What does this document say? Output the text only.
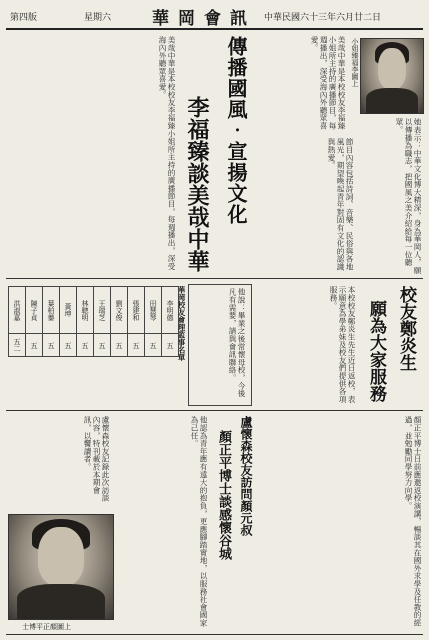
第四版	星期六 華岡會訊 中華民國六十三年六月廿二日
小姐臻福李圖上
美哉中華是本校校友李福臻小姐所主持的廣播節目，每週播出，深受海內外聽眾喜愛。
她表示：中華文化博大精深，身為華岡人，願以傳播為職志，把國風之美介紹給每一位聽眾。
傳播國風‧宣揚文化
李福臻談美哉中華	節目內容包括詩詞、音樂、民俗與各地風光，期望喚起青年對固有文化的認識與熱愛。
美哉中華是本校校友李福臻小姐所主持的廣播節目，每週播出，深受海內外聽眾喜愛。
校友鄭炎生
願為大家服務
本校校友鄭炎生先生近日返校，表示願意為學弟妹及校友們提供各項服務。
他說：畢業之後常懷母校，今後凡有需要，請與會訊聯絡。
華岡校友會理監事名單
洪淑嘉	陳子貞	葉柏蓁	黃坤	林聰明	王瑞芝	劉文俊	張建和	田慧琴	李明德
五二	五	五	五	五	五	五	五	五	五
顏正平博士日前應邀返校演講，暢談其在國外求學及任教的經過，並勉勵同學努力向學。
盧懷森校友訪問顏元叔
顏正平博士談感懷谷城
他認為青年應有遠大的抱負，更應腳踏實地，以服務社會國家為己任。
盧懷森校友記錄此次訪談內容，特刊載於本期會訊，以饗讀者。
士博平正顏圖上
